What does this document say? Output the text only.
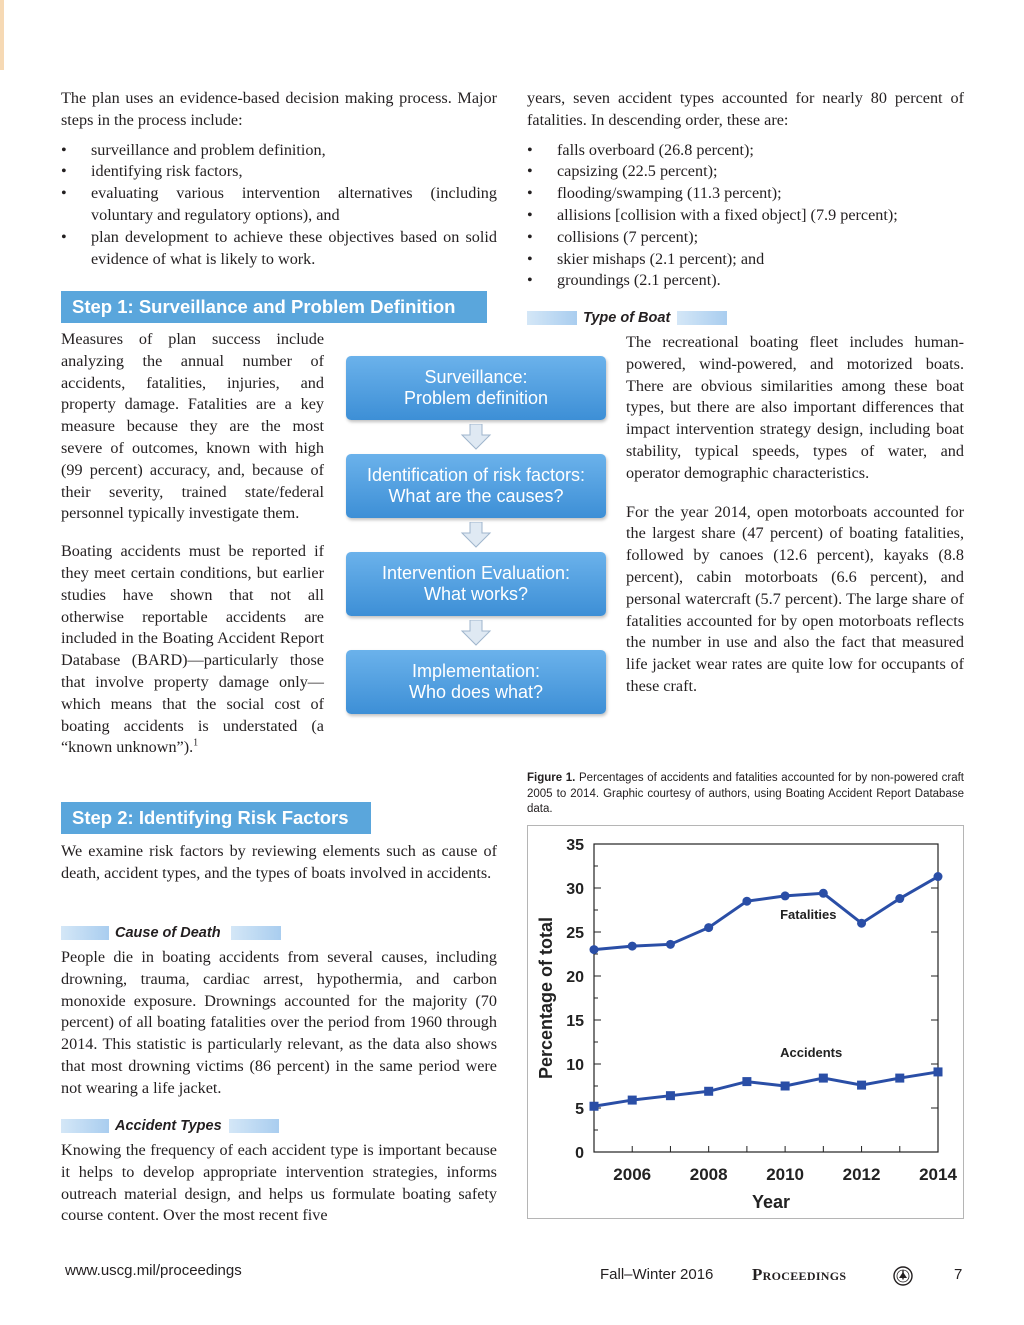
The plan uses an evidence-based decision making process. Major steps in the process include:

• surveillance and problem definition,
• identifying risk factors,
• evaluating various intervention alternatives (including voluntary and regulatory options), and
• plan development to achieve these objectives based on solid evidence of what is likely to work.
Step 1: Surveillance and Problem Definition

Measures of plan success include analyzing the annual number of accidents, fatalities, injuries, and property damage. Fatalities are a key measure because they are the most severe of outcomes, known with high (99 percent) accuracy, and, because of their severity, trained state/federal personnel typically investigate them.

Boating accidents must be reported if they meet certain conditions, but earlier studies have shown that not all otherwise reportable accidents are included in the Boating Accident Report Database (BARD)—particularly those that involve property damage only—which means that the social cost of boating accidents is understated (a “known unknown”).$^1$

Surveillance:
Problem definition
Identification of risk factors:
What are the causes?
Intervention Evaluation:
What works?
Implementation:
Who does what?
Step 2: Identifying Risk Factors

We examine risk factors by reviewing elements such as cause of death, accident types, and the types of boats involved in accidents.

Cause of Death

People die in boating accidents from several causes, including drowning, trauma, cardiac arrest, hypothermia, and carbon monoxide exposure. Drownings accounted for the majority (70 percent) of all boating fatalities over the period from 1960 through 2014. This statistic is particularly relevant, as the data also shows that most drowning victims (86 percent) in the same period were not wearing a life jacket.

Accident Types

Knowing the frequency of each accident type is important because it helps to develop appropriate intervention strategies, informs outreach material design, and helps us formulate boating safety course content. Over the most recent five

years, seven accident types accounted for nearly 80 percent of fatalities. In descending order, these are:

• falls overboard (26.8 percent);
• capsizing (22.5 percent);
• flooding/swamping (11.3 percent);
• allisions [collision with a fixed object] (7.9 percent);
• collisions (7 percent);
• skier mishaps (2.1 percent); and
• groundings (2.1 percent).
Type of Boat

The recreational boating fleet includes human-powered, wind-powered, and motorized boats. There are obvious similarities among these boat types, but there are also important differences that impact intervention strategy design, including boat stability, typical speeds, types of water, and operator demographic characteristics.

For the year 2014, open motorboats accounted for the largest share (47 percent) of boating fatalities, followed by canoes (12.6 percent), kayaks (8.8 percent), cabin motorboats (6.6 percent), and personal watercraft (5.7 percent). The large share of fatalities accounted for by open motorboats reflects the number in use and also the fact that measured life jacket wear rates are quite low for occupants of these craft.

Figure 1. Percentages of accidents and fatalities accounted for by non-powered craft 2005 to 2014. Graphic courtesy of authors, using Boating Accident Report Database data.
0
5
10
15
20
25
30
35
2006 2008 2010 2012 2014
Year
Percentage of total
Fatalities
Accidents
www.uscg.mil/proceedings	Fall–Winter 2016 Proceedings	7
